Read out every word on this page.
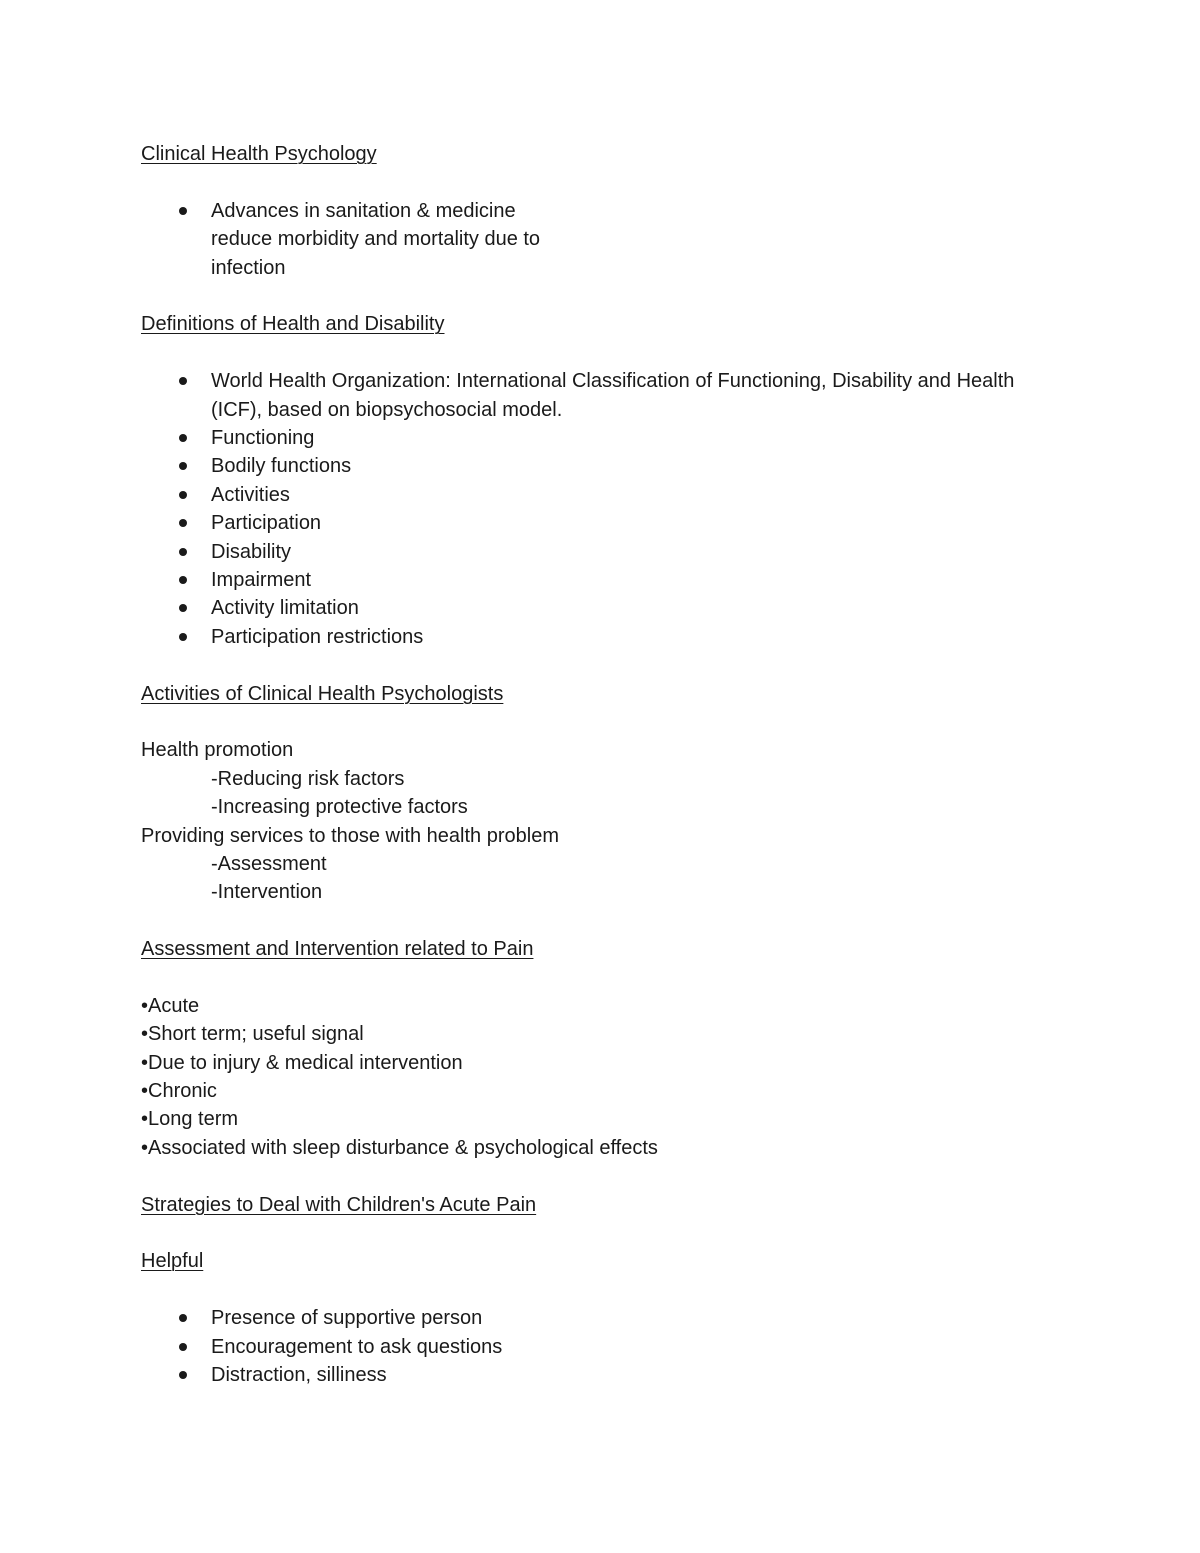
Clinical Health Psychology
Advances in sanitation & medicine reduce morbidity and mortality due to infection
Definitions of Health and Disability
World Health Organization: International Classification of Functioning, Disability and Health (ICF), based on biopsychosocial model.
Functioning
Bodily functions
Activities
Participation
Disability
Impairment
Activity limitation
Participation restrictions
Activities of Clinical Health Psychologists
Health promotion
-Reducing risk factors
-Increasing protective factors
Providing services to those with health problem
-Assessment
-Intervention
Assessment and Intervention related to Pain
•Acute
•Short term; useful signal
•Due to injury & medical intervention
•Chronic
•Long term
•Associated with sleep disturbance & psychological effects
Strategies to Deal with Children's Acute Pain
Helpful
Presence of supportive person
Encouragement to ask questions
Distraction, silliness
